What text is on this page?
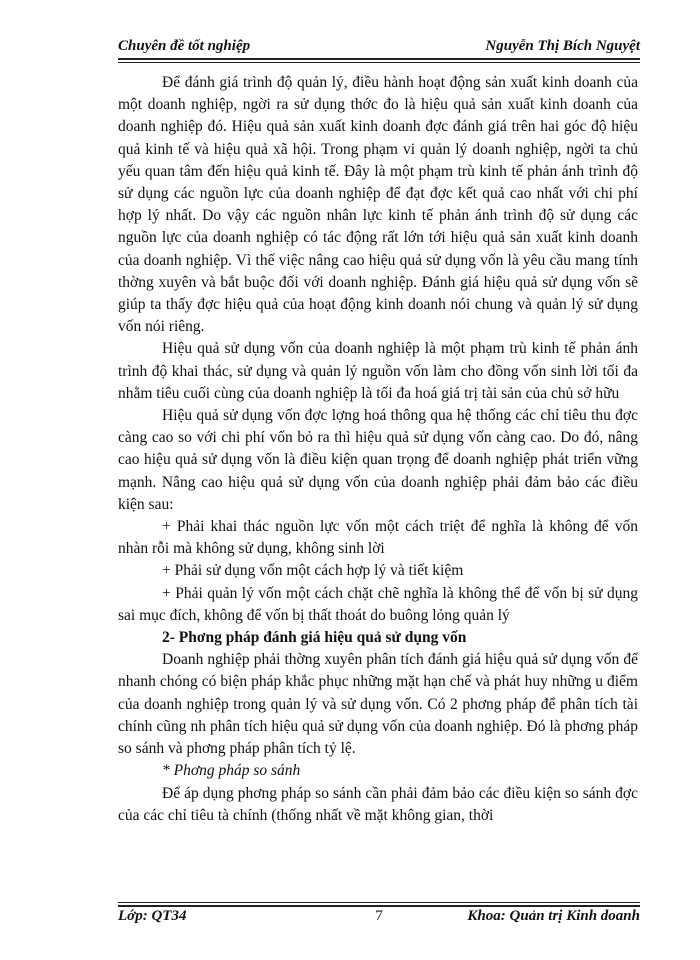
Chuyên đề tốt nghiệp	Nguyễn Thị Bích Nguyệt

Để đánh giá trình độ quản lý, điều hành hoạt động sản xuất kinh doanh của một doanh nghiệp, ngời ra sử dụng thớc đo là hiệu quả sản xuất kinh doanh của doanh nghiệp đó. Hiệu quả sản xuất kinh doanh đợc đánh giá trên hai góc độ hiệu quả kinh tế và hiệu quả xã hội. Trong phạm vi quản lý doanh nghiệp, ngời ta chủ yếu quan tâm đến hiệu quả kinh tế. Đây là một phạm trù kinh tế phản ánh trình độ sử dụng các nguồn lực của doanh nghiệp để đạt đợc kết quả cao nhất với chi phí hợp lý nhất. Do vậy các nguồn nhân lực kinh tế phản ánh trình độ sử dụng các nguồn lực của doanh nghiệp có tác động rất lớn tới hiệu quả sản xuất kinh doanh của doanh nghiệp. Vì thế việc nâng cao hiệu quả sử dụng vốn là yêu cầu mang tính thờng xuyên và bắt buộc đối với doanh nghiệp. Đánh giá hiệu quả sử dụng vốn sẽ giúp ta thấy đợc hiệu quả của hoạt động kinh doanh nói chung và quản lý sử dụng vốn nói riêng.

Hiệu quả sử dụng vốn của doanh nghiệp là một phạm trù kinh tế phản ánh trình độ khai thác, sử dụng và quản lý nguồn vốn làm cho đồng vốn sinh lời tối đa nhằm tiêu cuối cùng của doanh nghiệp là tối đa hoá giá trị tài sản của chủ sở hữu

Hiệu quả sử dụng vốn đợc lợng hoá thông qua hệ thống các chỉ tiêu thu đợc càng cao so với chi phí vốn bỏ ra thì hiệu quả sử dụng vốn càng cao. Do đó, nâng cao hiệu quả sử dụng vốn là điều kiện quan trọng để doanh nghiệp phát triển vững mạnh. Nâng cao hiệu quả sử dụng vốn của doanh nghiệp phải đảm bảo các điều kiện sau:

+ Phải khai thác nguồn lực vốn một cách triệt để nghĩa là không để vốn nhàn rỗi mà không sử dụng, không sinh lời

+ Phải sử dụng vốn một cách hợp lý và tiết kiệm

+ Phải quản lý vốn một cách chặt chẽ nghĩa là không thể để vốn bị sử dụng sai mục đích, không để vốn bị thất thoát do buông lỏng quản lý

2- Phơng pháp đánh giá hiệu quả sử dụng vốn

Doanh nghiệp phải thờng xuyên phân tích đánh giá hiệu quả sử dụng vốn để nhanh chóng có biện pháp khắc phục những mặt hạn chế và phát huy những u điểm của doanh nghiệp trong quản lý và sử dụng vốn. Có 2 phơng pháp để phân tích tài chính cũng nh phân tích hiệu quả sử dụng vốn của doanh nghiệp. Đó là phơng pháp so sánh và phơng pháp phân tích tỷ lệ.

* Phơng pháp so sánh

Để áp dụng phơng pháp so sánh cần phải đảm bảo các điều kiện so sánh đợc của các chỉ tiêu tà chính (thống nhất về mặt không gian, thời

Lớp: QT34	7	Khoa: Quản trị Kinh doanh
